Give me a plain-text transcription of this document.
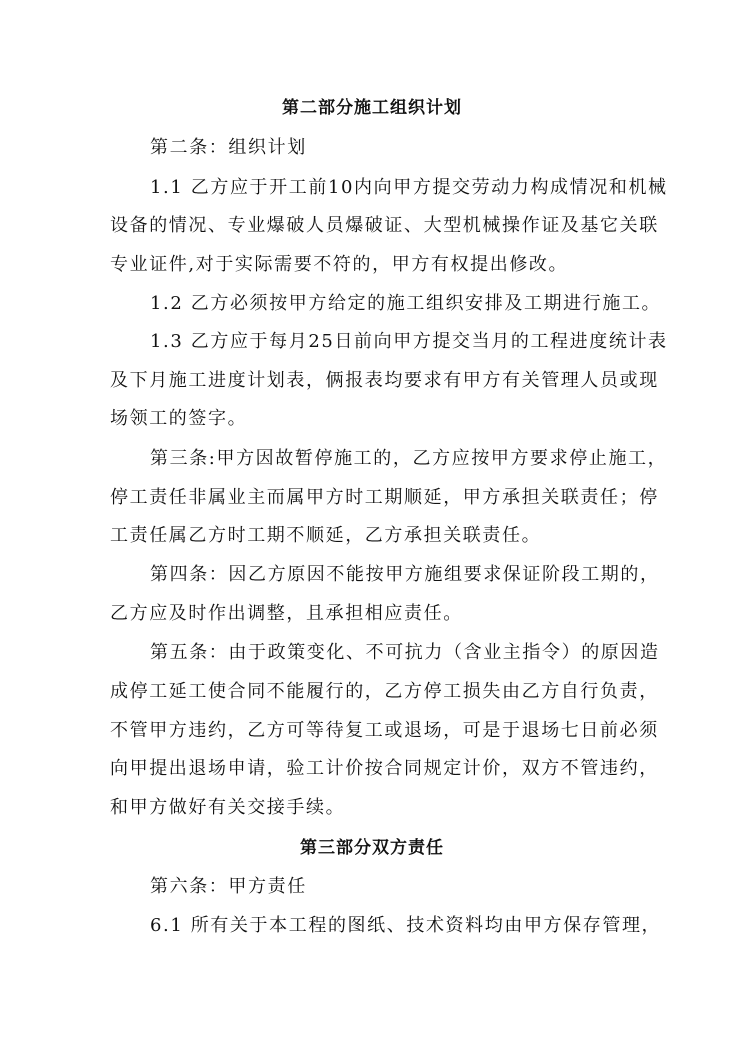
第二部分施工组织计划
第二条：组织计划
1.1 乙方应于开工前10内向甲方提交劳动力构成情况和机械
设备的情况、专业爆破人员爆破证、大型机械操作证及基它关联
专业证件,对于实际需要不符的，甲方有权提出修改。
1.2 乙方必须按甲方给定的施工组织安排及工期进行施工。
1.3 乙方应于每月25日前向甲方提交当月的工程进度统计表
及下月施工进度计划表，俩报表均要求有甲方有关管理人员或现
场领工的签字。
第三条:甲方因故暂停施工的，乙方应按甲方要求停止施工，
停工责任非属业主而属甲方时工期顺延，甲方承担关联责任；停
工责任属乙方时工期不顺延，乙方承担关联责任。
第四条：因乙方原因不能按甲方施组要求保证阶段工期的，
乙方应及时作出调整，且承担相应责任。
第五条：由于政策变化、不可抗力（含业主指令）的原因造
成停工延工使合同不能履行的，乙方停工损失由乙方自行负责，
不管甲方违约，乙方可等待复工或退场，可是于退场七日前必须
向甲提出退场申请，验工计价按合同规定计价，双方不管违约，
和甲方做好有关交接手续。
第三部分双方责任
第六条：甲方责任
6.1 所有关于本工程的图纸、技术资料均由甲方保存管理，
